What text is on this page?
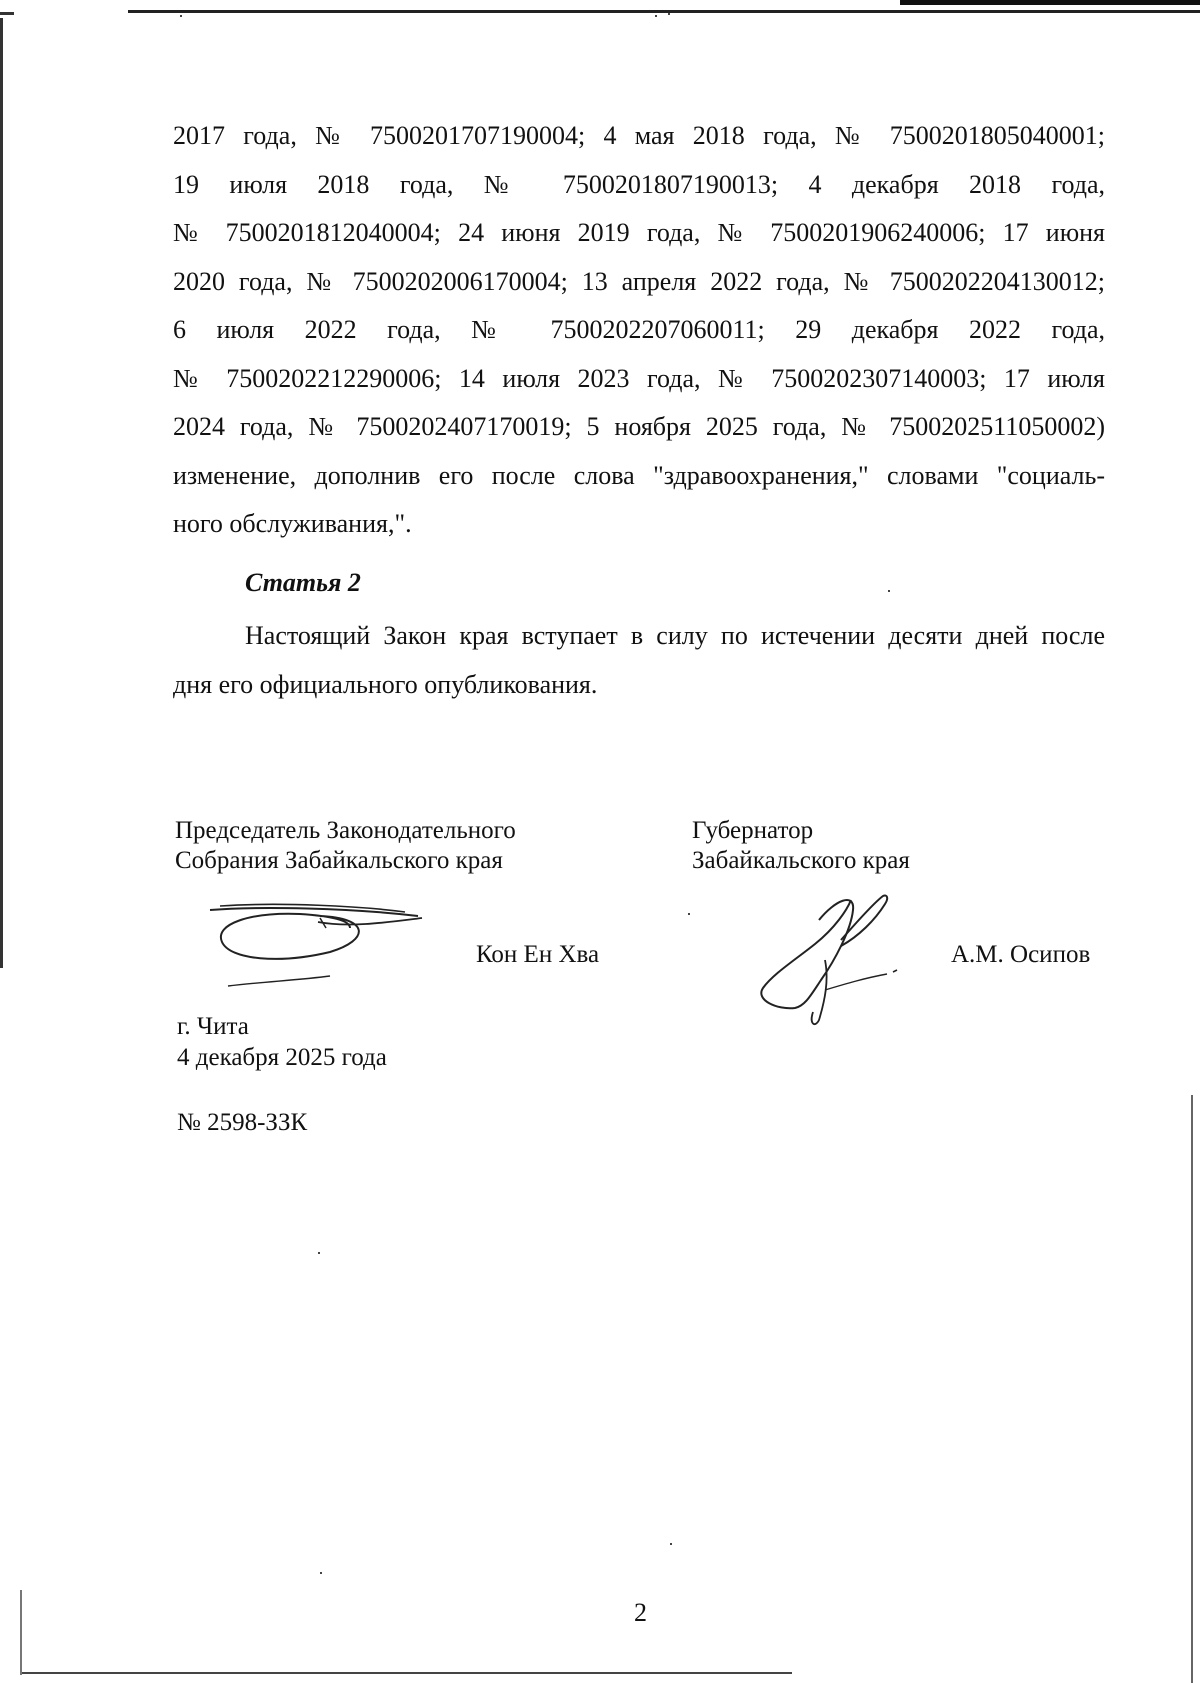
2017 года, № 7500201707190004; 4 мая 2018 года, № 7500201805040001;
19 июля 2018 года, № 7500201807190013; 4 декабря 2018 года,
№ 7500201812040004; 24 июня 2019 года, № 7500201906240006; 17 июня
2020 года, № 7500202006170004; 13 апреля 2022 года, № 7500202204130012;
6 июля 2022 года, № 7500202207060011; 29 декабря 2022 года,
№ 7500202212290006; 14 июля 2023 года, № 7500202307140003; 17 июля
2024 года, № 7500202407170019; 5 ноября 2025 года, № 7500202511050002)
изменение, дополнив его после слова "здравоохранения," словами "социаль-
ного обслуживания,".
Статья 2
Настоящий Закон края вступает в силу по истечении десяти дней после
дня его официального опубликования.
Председатель Законодательного
Собрания Забайкальского края
Губернатор
Забайкальского края
Кон Ен Хва	А.М. Осипов
г. Чита
4 декабря 2025 года
№ 2598-ЗЗК
2
